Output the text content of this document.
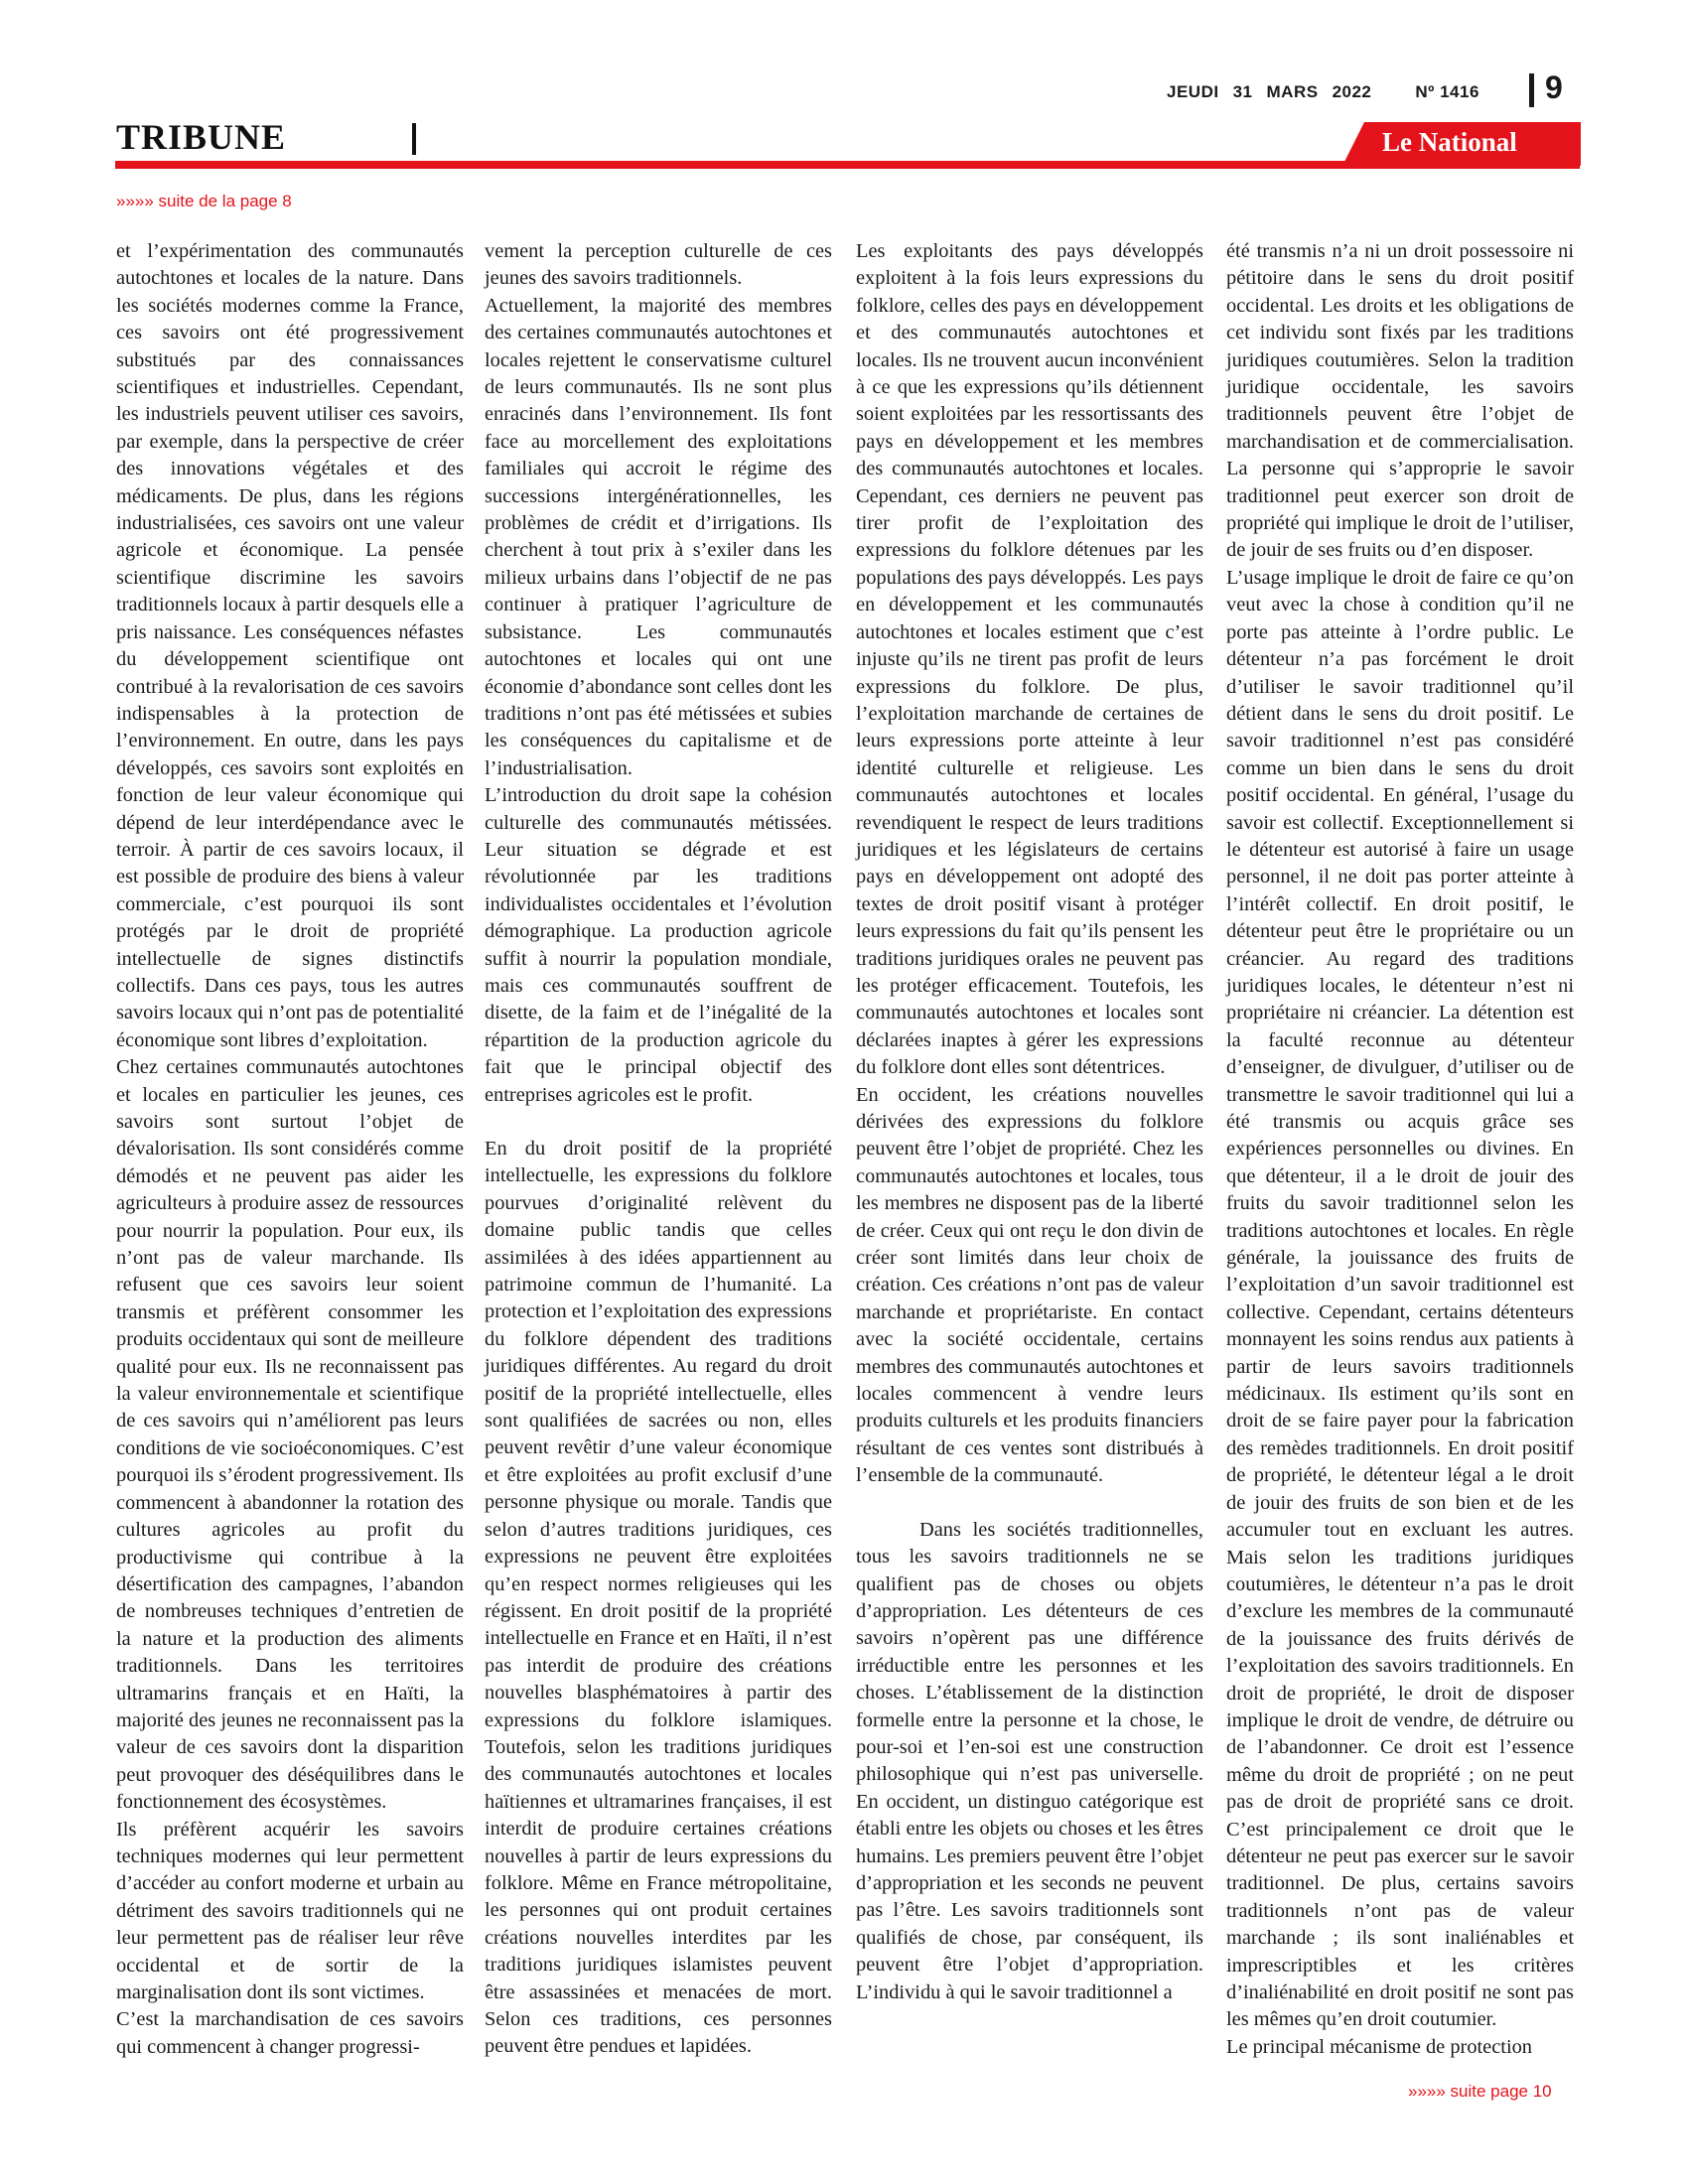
JEUDI 31 MARS 2022	Nº 1416	9
TRIBUNE	Le National
»»»» suite de la page 8

et l’expérimentation des communautés autochtones et locales de la nature. Dans les sociétés modernes comme la France, ces savoirs ont été progressivement substitués par des connaissances scientifiques et industrielles. Cependant, les industriels peuvent utiliser ces savoirs, par exemple, dans la perspective de créer des innovations végétales et des médicaments. De plus, dans les régions industrialisées, ces savoirs ont une valeur agricole et économique. La pensée scientifique discrimine les savoirs traditionnels locaux à partir desquels elle a pris naissance. Les conséquences néfastes du développement scientifique ont contribué à la revalorisation de ces savoirs indispensables à la protection de l’environnement. En outre, dans les pays développés, ces savoirs sont exploités en fonction de leur valeur économique qui dépend de leur interdépendance avec le terroir. À partir de ces savoirs locaux, il est possible de produire des biens à valeur commerciale, c’est pourquoi ils sont protégés par le droit de propriété intellectuelle de signes distinctifs collectifs. Dans ces pays, tous les autres savoirs locaux qui n’ont pas de potentialité économique sont libres d’exploitation.

Chez certaines communautés autochtones et locales en particulier les jeunes, ces savoirs sont surtout l’objet de dévalorisation. Ils sont considérés comme démodés et ne peuvent pas aider les agriculteurs à produire assez de ressources pour nourrir la population. Pour eux, ils n’ont pas de valeur marchande. Ils refusent que ces savoirs leur soient transmis et préfèrent consommer les produits occidentaux qui sont de meilleure qualité pour eux. Ils ne reconnaissent pas la valeur environnementale et scientifique de ces savoirs qui n’améliorent pas leurs conditions de vie socioéconomiques. C’est pourquoi ils s’érodent progressivement. Ils commencent à abandonner la rotation des cultures agricoles au profit du productivisme qui contribue à la désertification des campagnes, l’abandon de nombreuses techniques d’entretien de la nature et la production des aliments traditionnels. Dans les territoires ultramarins français et en Haïti, la majorité des jeunes ne reconnaissent pas la valeur de ces savoirs dont la disparition peut provoquer des déséquilibres dans le fonctionnement des écosystèmes.

Ils préfèrent acquérir les savoirs techniques modernes qui leur permettent d’accéder au confort moderne et urbain au détriment des savoirs traditionnels qui ne leur permettent pas de réaliser leur rêve occidental et de sortir de la marginalisation dont ils sont victimes.

C’est la marchandisation de ces savoirs qui commencent à changer progressi-

vement la perception culturelle de ces jeunes des savoirs traditionnels.

Actuellement, la majorité des membres des certaines communautés autochtones et locales rejettent le conservatisme culturel de leurs communautés. Ils ne sont plus enracinés dans l’environnement. Ils font face au morcellement des exploitations familiales qui accroit le régime des successions intergénérationnelles, les problèmes de crédit et d’irrigations. Ils cherchent à tout prix à s’exiler dans les milieux urbains dans l’objectif de ne pas continuer à pratiquer l’agriculture de subsistance. Les communautés autochtones et locales qui ont une économie d’abondance sont celles dont les traditions n’ont pas été métissées et subies les conséquences du capitalisme et de l’industrialisation.

L’introduction du droit sape la cohésion culturelle des communautés métissées. Leur situation se dégrade et est révolutionnée par les traditions individualistes occidentales et l’évolution démographique. La production agricole suffit à nourrir la population mondiale, mais ces communautés souffrent de disette, de la faim et de l’inégalité de la répartition de la production agricole du fait que le principal objectif des entreprises agricoles est le profit.

En du droit positif de la propriété intellectuelle, les expressions du folklore pourvues d’originalité relèvent du domaine public tandis que celles assimilées à des idées appartiennent au patrimoine commun de l’humanité. La protection et l’exploitation des expressions du folklore dépendent des traditions juridiques différentes. Au regard du droit positif de la propriété intellectuelle, elles sont qualifiées de sacrées ou non, elles peuvent revêtir d’une valeur économique et être exploitées au profit exclusif d’une personne physique ou morale. Tandis que selon d’autres traditions juridiques, ces expressions ne peuvent être exploitées qu’en respect normes religieuses qui les régissent. En droit positif de la propriété intellectuelle en France et en Haïti, il n’est pas interdit de produire des créations nouvelles blasphématoires à partir des expressions du folklore islamiques. Toutefois, selon les traditions juridiques des communautés autochtones et locales haïtiennes et ultramarines françaises, il est interdit de produire certaines créations nouvelles à partir de leurs expressions du folklore. Même en France métropolitaine, les personnes qui ont produit certaines créations nouvelles interdites par les traditions juridiques islamistes peuvent être assassinées et menacées de mort. Selon ces traditions, ces personnes peuvent être pendues et lapidées.

Les exploitants des pays développés exploitent à la fois leurs expressions du folklore, celles des pays en développement et des communautés autochtones et locales. Ils ne trouvent aucun inconvénient à ce que les expressions qu’ils détiennent soient exploitées par les ressortissants des pays en développement et les membres des communautés autochtones et locales. Cependant, ces derniers ne peuvent pas tirer profit de l’exploitation des expressions du folklore détenues par les populations des pays développés. Les pays en développement et les communautés autochtones et locales estiment que c’est injuste qu’ils ne tirent pas profit de leurs expressions du folklore. De plus, l’exploitation marchande de certaines de leurs expressions porte atteinte à leur identité culturelle et religieuse. Les communautés autochtones et locales revendiquent le respect de leurs traditions juridiques et les législateurs de certains pays en développement ont adopté des textes de droit positif visant à protéger leurs expressions du fait qu’ils pensent les traditions juridiques orales ne peuvent pas les protéger efficacement. Toutefois, les communautés autochtones et locales sont déclarées inaptes à gérer les expressions du folklore dont elles sont détentrices.

En occident, les créations nouvelles dérivées des expressions du folklore peuvent être l’objet de propriété. Chez les communautés autochtones et locales, tous les membres ne disposent pas de la liberté de créer. Ceux qui ont reçu le don divin de créer sont limités dans leur choix de création. Ces créations n’ont pas de valeur marchande et propriétariste. En contact avec la société occidentale, certains membres des communautés autochtones et locales commencent à vendre leurs produits culturels et les produits financiers résultant de ces ventes sont distribués à l’ensemble de la communauté.

Dans les sociétés traditionnelles, tous les savoirs traditionnels ne se qualifient pas de choses ou objets d’appropriation. Les détenteurs de ces savoirs n’opèrent pas une différence irréductible entre les personnes et les choses. L’établissement de la distinction formelle entre la personne et la chose, le pour-soi et l’en-soi est une construction philosophique qui n’est pas universelle. En occident, un distinguo catégorique est établi entre les objets ou choses et les êtres humains. Les premiers peuvent être l’objet d’appropriation et les seconds ne peuvent pas l’être. Les savoirs traditionnels sont qualifiés de chose, par conséquent, ils peuvent être l’objet d’appropriation. L’individu à qui le savoir traditionnel a

été transmis n’a ni un droit possessoire ni pétitoire dans le sens du droit positif occidental. Les droits et les obligations de cet individu sont fixés par les traditions juridiques coutumières. Selon la tradition juridique occidentale, les savoirs traditionnels peuvent être l’objet de marchandisation et de commercialisation. La personne qui s’approprie le savoir traditionnel peut exercer son droit de propriété qui implique le droit de l’utiliser, de jouir de ses fruits ou d’en disposer.

L’usage implique le droit de faire ce qu’on veut avec la chose à condition qu’il ne porte pas atteinte à l’ordre public. Le détenteur n’a pas forcément le droit d’utiliser le savoir traditionnel qu’il détient dans le sens du droit positif. Le savoir traditionnel n’est pas considéré comme un bien dans le sens du droit positif occidental. En général, l’usage du savoir est collectif. Exceptionnellement si le détenteur est autorisé à faire un usage personnel, il ne doit pas porter atteinte à l’intérêt collectif. En droit positif, le détenteur peut être le propriétaire ou un créancier. Au regard des traditions juridiques locales, le détenteur n’est ni propriétaire ni créancier. La détention est la faculté reconnue au détenteur d’enseigner, de divulguer, d’utiliser ou de transmettre le savoir traditionnel qui lui a été transmis ou acquis grâce ses expériences personnelles ou divines. En que détenteur, il a le droit de jouir des fruits du savoir traditionnel selon les traditions autochtones et locales. En règle générale, la jouissance des fruits de l’exploitation d’un savoir traditionnel est collective. Cependant, certains détenteurs monnayent les soins rendus aux patients à partir de leurs savoirs traditionnels médicinaux. Ils estiment qu’ils sont en droit de se faire payer pour la fabrication des remèdes traditionnels. En droit positif de propriété, le détenteur légal a le droit de jouir des fruits de son bien et de les accumuler tout en excluant les autres. Mais selon les traditions juridiques coutumières, le détenteur n’a pas le droit d’exclure les membres de la communauté de la jouissance des fruits dérivés de l’exploitation des savoirs traditionnels. En droit de propriété, le droit de disposer implique le droit de vendre, de détruire ou de l’abandonner. Ce droit est l’essence même du droit de propriété ; on ne peut pas de droit de propriété sans ce droit. C’est principalement ce droit que le détenteur ne peut pas exercer sur le savoir traditionnel. De plus, certains savoirs traditionnels n’ont pas de valeur marchande ; ils sont inaliénables et imprescriptibles et les critères d’inaliénabilité en droit positif ne sont pas les mêmes qu’en droit coutumier.

Le principal mécanisme de protection

»»»» suite page 10
